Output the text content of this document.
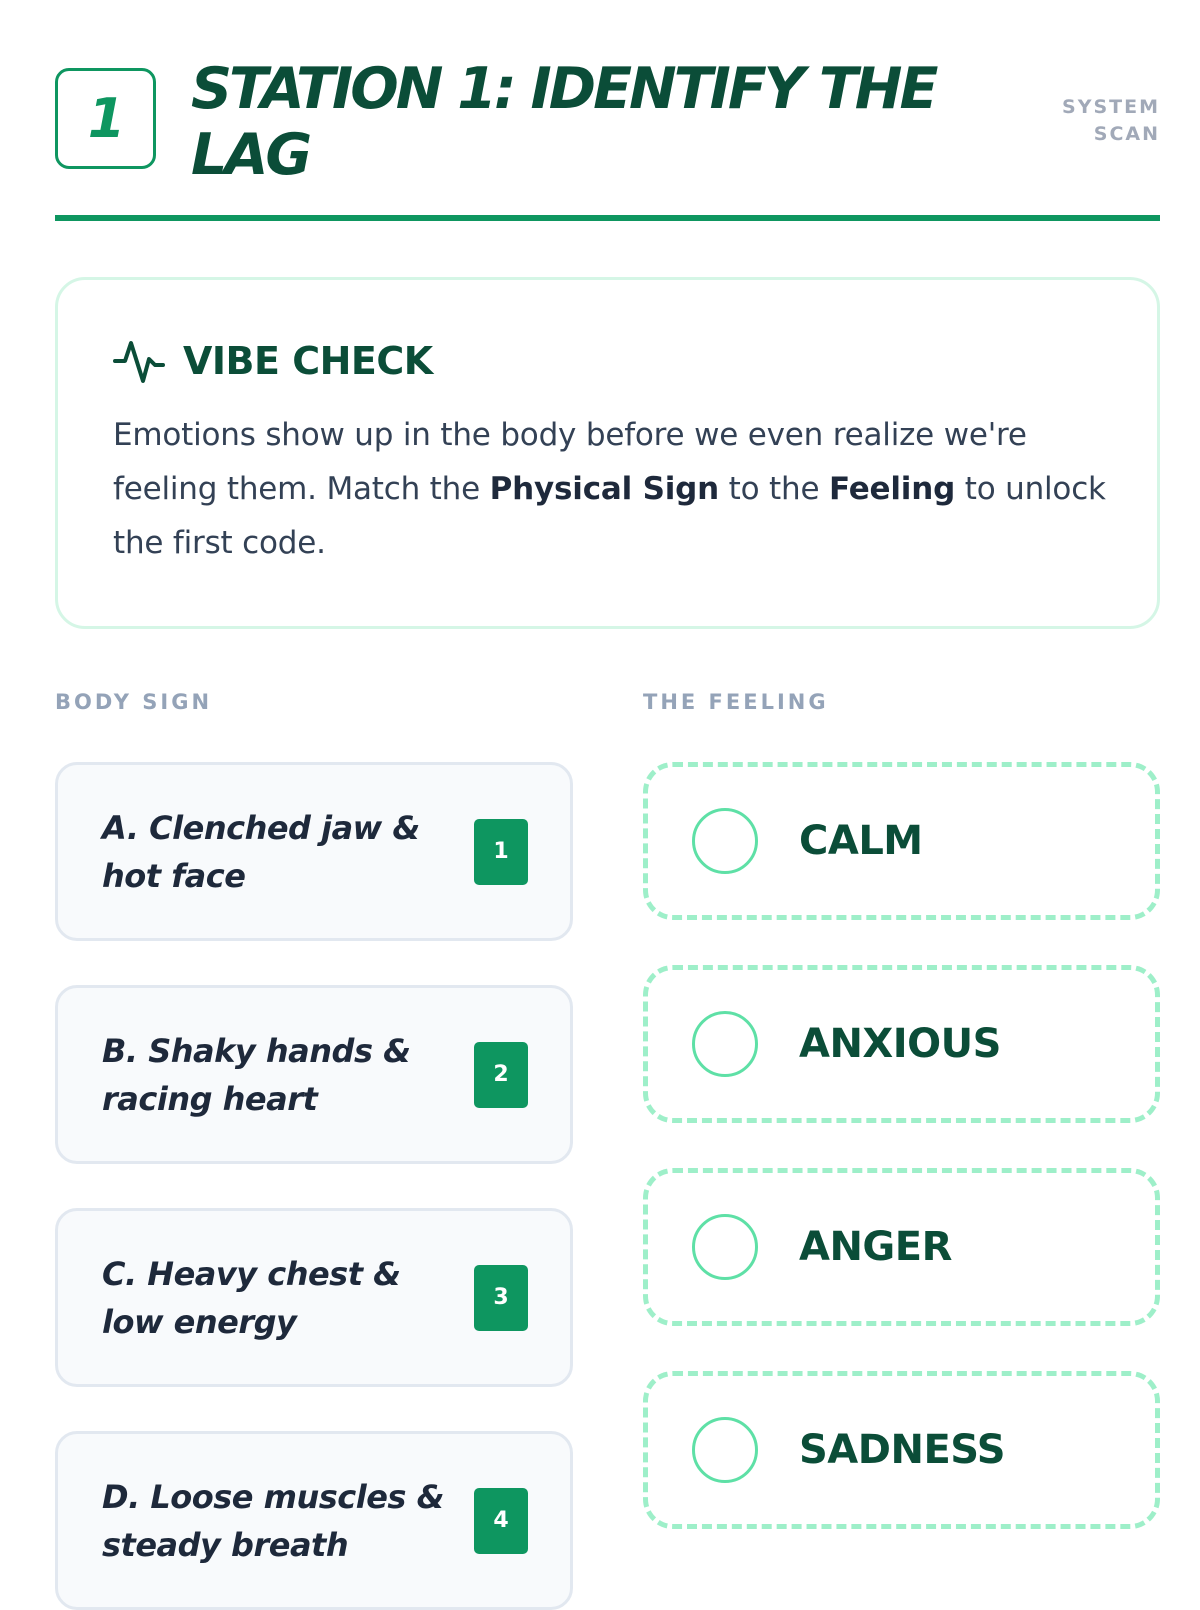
1 STATION 1: IDENTIFY THE LAG
SYSTEM
SCAN
VIBE CHECK
Emotions show up in the body before we even realize we're feeling them. Match the Physical Sign to the Feeling to unlock the first code.
BODY SIGN	THE FEELING
A. Clenched jaw & hot face
1
B. Shaky hands & racing heart
2
C. Heavy chest & low energy
3
D. Loose muscles & steady breath
4
CALM
ANXIOUS
ANGER
SADNESS
